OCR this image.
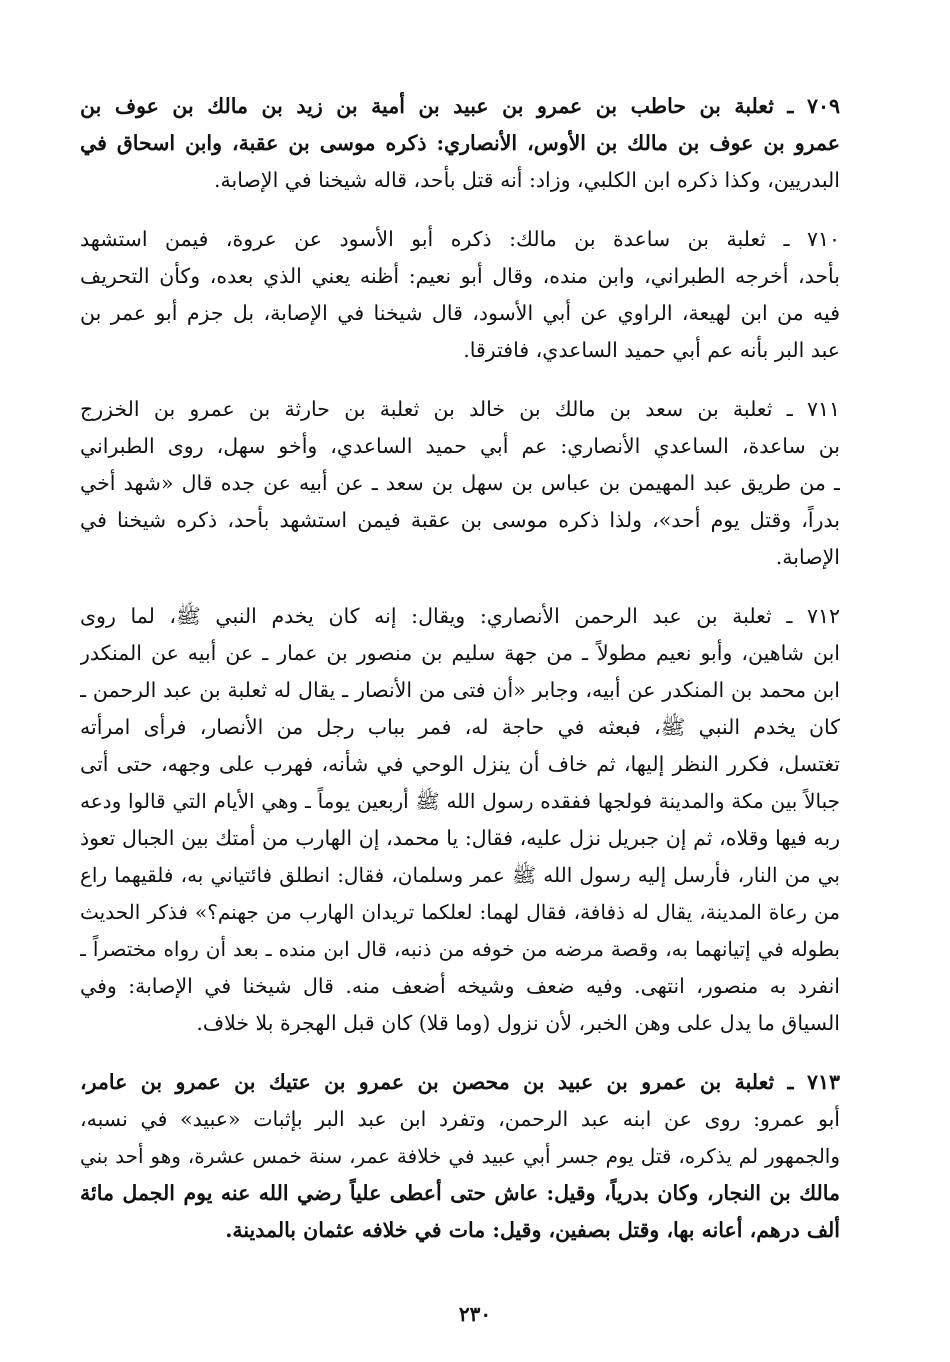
٧٠٩ ـ ثعلبة بن حاطب بن عمرو بن عبيد بن أمية بن زيد بن مالك بن عوف بن
عمرو بن عوف بن مالك بن الأوس، الأنصاري: ذكره موسى بن عقبة، وابن اسحاق في
البدريين، وكذا ذكره ابن الكلبي، وزاد: أنه قتل بأحد، قاله شيخنا في الإصابة.
٧١٠ ـ ثعلبة بن ساعدة بن مالك: ذكره أبو الأسود عن عروة، فيمن استشهد
بأحد، أخرجه الطبراني، وابن منده، وقال أبو نعيم: أظنه يعني الذي بعده، وكأن التحريف
فيه من ابن لهيعة، الراوي عن أبي الأسود، قال شيخنا في الإصابة، بل جزم أبو عمر بن
عبد البر بأنه عم أبي حميد الساعدي، فافترقا.
٧١١ ـ ثعلبة بن سعد بن مالك بن خالد بن ثعلبة بن حارثة بن عمرو بن الخزرج
بن ساعدة، الساعدي الأنصاري: عم أبي حميد الساعدي، وأخو سهل، روى الطبراني
ـ من طريق عبد المهيمن بن عباس بن سهل بن سعد ـ عن أبيه عن جده قال «شهد أخي
بدراً، وقتل يوم أحد»، ولذا ذكره موسى بن عقبة فيمن استشهد بأحد، ذكره شيخنا في
الإصابة.
٧١٢ ـ ثعلبة بن عبد الرحمن الأنصاري: ويقال: إنه كان يخدم النبي ﷺ، لما روى
ابن شاهين، وأبو نعيم مطولاً ـ من جهة سليم بن منصور بن عمار ـ عن أبيه عن المنكدر
ابن محمد بن المنكدر عن أبيه، وجابر «أن فتى من الأنصار ـ يقال له ثعلبة بن عبد الرحمن ـ
كان يخدم النبي ﷺ، فبعثه في حاجة له، فمر بباب رجل من الأنصار، فرأى امرأته
تغتسل، فكرر النظر إليها، ثم خاف أن ينزل الوحي في شأنه، فهرب على وجهه، حتى أتى
جبالاً بين مكة والمدينة فولجها ففقده رسول الله ﷺ أربعين يوماً ـ وهي الأيام التي قالوا ودعه
ربه فيها وقلاه، ثم إن جبريل نزل عليه، فقال: يا محمد، إن الهارب من أمتك بين الجبال تعوذ
بي من النار، فأرسل إليه رسول الله ﷺ عمر وسلمان، فقال: انطلق فائتياني به، فلقيهما راع
من رعاة المدينة، يقال له ذفافة، فقال لهما: لعلكما تريدان الهارب من جهنم؟» فذكر الحديث
بطوله في إتيانهما به، وقصة مرضه من خوفه من ذنبه، قال ابن منده ـ بعد أن رواه مختصراً ـ
انفرد به منصور، انتهى. وفيه ضعف وشيخه أضعف منه. قال شيخنا في الإصابة: وفي
السياق ما يدل على وهن الخبر، لأن نزول (وما قلا) كان قبل الهجرة بلا خلاف.
٧١٣ ـ ثعلبة بن عمرو بن عبيد بن محصن بن عمرو بن عتيك بن عمرو بن عامر،
أبو عمرو: روى عن ابنه عبد الرحمن، وتفرد ابن عبد البر بإثبات «عبيد» في نسبه،
والجمهور لم يذكره، قتل يوم جسر أبي عبيد في خلافة عمر، سنة خمس عشرة، وهو أحد بني
مالك بن النجار، وكان بدرياً، وقيل: عاش حتى أعطى علياً رضي الله عنه يوم الجمل مائة
ألف درهم، أعانه بها، وقتل بصفين، وقيل: مات في خلافه عثمان بالمدينة.
٢٣٠
